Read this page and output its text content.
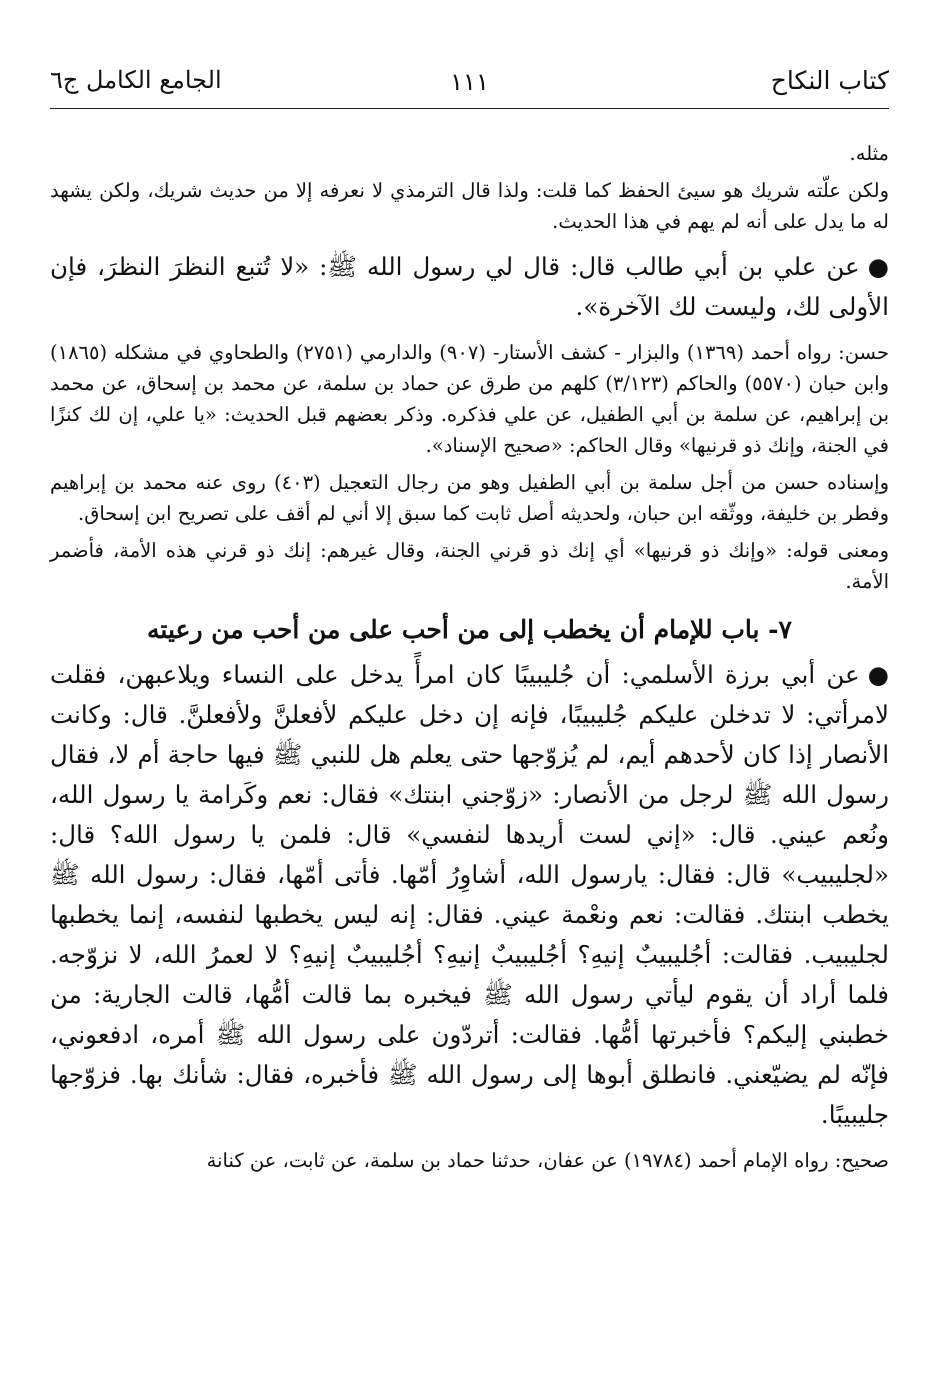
كتاب النكاح
١١١
الجامع الكامل ج٦

مثله.

ولكن علّته شريك هو سيئ الحفظ كما قلت: ولذا قال الترمذي لا نعرفه إلا من حديث شريك، ولكن يشهد له ما يدل على أنه لم يهم في هذا الحديث.

●عن علي بن أبي طالب قال: قال لي رسول الله ﷺ: «لا تُتبع النظرَ النظرَ، فإن الأولى لك، وليست لك الآخرة».

حسن: رواه أحمد (١٣٦٩) والبزار - كشف الأستار- (٩٠٧) والدارمي (٢٧٥١) والطحاوي في مشكله (١٨٦٥) وابن حبان (٥٥٧٠) والحاكم (٣/١٢٣) كلهم من طرق عن حماد بن سلمة، عن محمد بن إسحاق، عن محمد بن إبراهيم، عن سلمة بن أبي الطفيل، عن علي فذكره. وذكر بعضهم قبل الحديث: «يا علي، إن لك كنزًا في الجنة، وإنك ذو قرنيها» وقال الحاكم: «صحيح الإسناد».

وإسناده حسن من أجل سلمة بن أبي الطفيل وهو من رجال التعجيل (٤٠٣) روى عنه محمد بن إبراهيم وفطر بن خليفة، ووثّقه ابن حبان، ولحديثه أصل ثابت كما سبق إلا أني لم أقف على تصريح ابن إسحاق.

ومعنى قوله: «وإنك ذو قرنيها» أي إنك ذو قرني الجنة، وقال غيرهم: إنك ذو قرني هذه الأمة، فأضمر الأمة.

٧- باب للإمام أن يخطب إلى من أحب على من أحب من رعيته

●عن أبي برزة الأسلمي: أن جُليبيبًا كان امرأً يدخل على النساء ويلاعبهن، فقلت لامرأتي: لا تدخلن عليكم جُليبيبًا، فإنه إن دخل عليكم لأفعلنَّ ولأفعلنَّ. قال: وكانت الأنصار إذا كان لأحدهم أيم، لم يُزوّجها حتى يعلم هل للنبي ﷺ فيها حاجة أم لا، فقال رسول الله ﷺ لرجل من الأنصار: «زوّجني ابنتك» فقال: نعم وكَرامة يا رسول الله، ونُعم عيني. قال: «إني لست أريدها لنفسي» قال: فلمن يا رسول الله؟ قال: «لجليبيب» قال: فقال: يارسول الله، أشاوِرُ أمّها. فأتى أمّها، فقال: رسول الله ﷺ يخطب ابنتك. فقالت: نعم ونعْمة عيني. فقال: إنه ليس يخطبها لنفسه، إنما يخطبها لجليبيب. فقالت: أجُليبيبٌ إنيهِ؟ أجُليبيبٌ إنيهِ؟ أجُليبيبٌ إنيهِ؟ لا لعمرُ الله، لا نزوّجه. فلما أراد أن يقوم ليأتي رسول الله ﷺ فيخبره بما قالت أمُّها، قالت الجارية: من خطبني إليكم؟ فأخبرتها أمُّها. فقالت: أتردّون على رسول الله ﷺ أمره، ادفعوني، فإنّه لم يضيّعني. فانطلق أبوها إلى رسول الله ﷺ فأخبره، فقال: شأنك بها. فزوّجها جليبيبًا.

صحيح: رواه الإمام أحمد (١٩٧٨٤) عن عفان، حدثنا حماد بن سلمة، عن ثابت، عن كنانة
